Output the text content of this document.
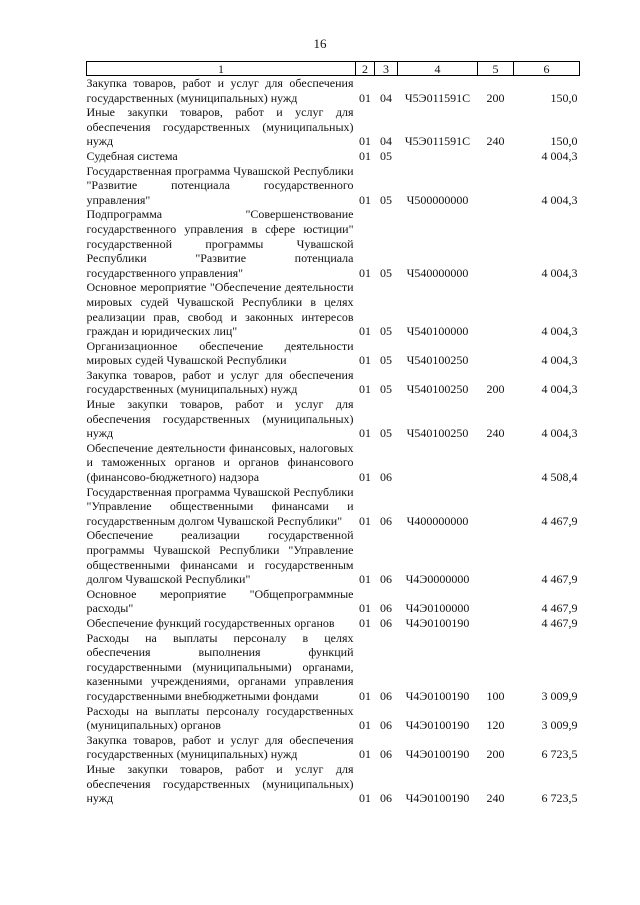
16
1	2	3	4	5	6
Закупка товаров, работ и услуг для обеспечения государственных (муниципальных) нужд	01	04	Ч5Э011591С	200	150,0
Иные закупки товаров, работ и услуг для обеспечения государственных (муниципальных) нужд	01	04	Ч5Э011591С	240	150,0
Судебная система	01	05			4 004,3
Государственная программа Чувашской Республики "Развитие потенциала государственного управления"	01	05	Ч500000000		4 004,3
Подпрограмма "Совершенствование государственного управления в сфере юстиции" государственной программы Чувашской Республики "Развитие потенциала государственного управления"	01	05	Ч540000000		4 004,3
Основное мероприятие "Обеспечение деятельности мировых судей Чувашской Республики в целях реализации прав, свобод и законных интересов граждан и юридических лиц"	01	05	Ч540100000		4 004,3
Организационное обеспечение деятельности мировых судей Чувашской Республики	01	05	Ч540100250		4 004,3
Закупка товаров, работ и услуг для обеспечения государственных (муниципальных) нужд	01	05	Ч540100250	200	4 004,3
Иные закупки товаров, работ и услуг для обеспечения государственных (муниципальных) нужд	01	05	Ч540100250	240	4 004,3
Обеспечение деятельности финансовых, налоговых и таможенных органов и органов финансового (финансово-бюджетного) надзора	01	06			4 508,4
Государственная программа Чувашской Республики "Управление общественными финансами и государственным долгом Чувашской Республики"	01	06	Ч400000000		4 467,9
Обеспечение реализации государственной программы Чувашской Республики "Управление общественными финансами и государственным долгом Чувашской Республики"	01	06	Ч4Э0000000		4 467,9
Основное мероприятие "Общепрограммные расходы"	01	06	Ч4Э0100000		4 467,9
Обеспечение функций государственных органов	01	06	Ч4Э0100190		4 467,9
Расходы на выплаты персоналу в целях обеспечения выполнения функций государственными (муниципальными) органами, казенными учреждениями, органами управления государственными внебюджетными фондами	01	06	Ч4Э0100190	100	3 009,9
Расходы на выплаты персоналу государственных (муниципальных) органов	01	06	Ч4Э0100190	120	3 009,9
Закупка товаров, работ и услуг для обеспечения государственных (муниципальных) нужд	01	06	Ч4Э0100190	200	6 723,5
Иные закупки товаров, работ и услуг для обеспечения государственных (муниципальных) нужд	01	06	Ч4Э0100190	240	6 723,5
